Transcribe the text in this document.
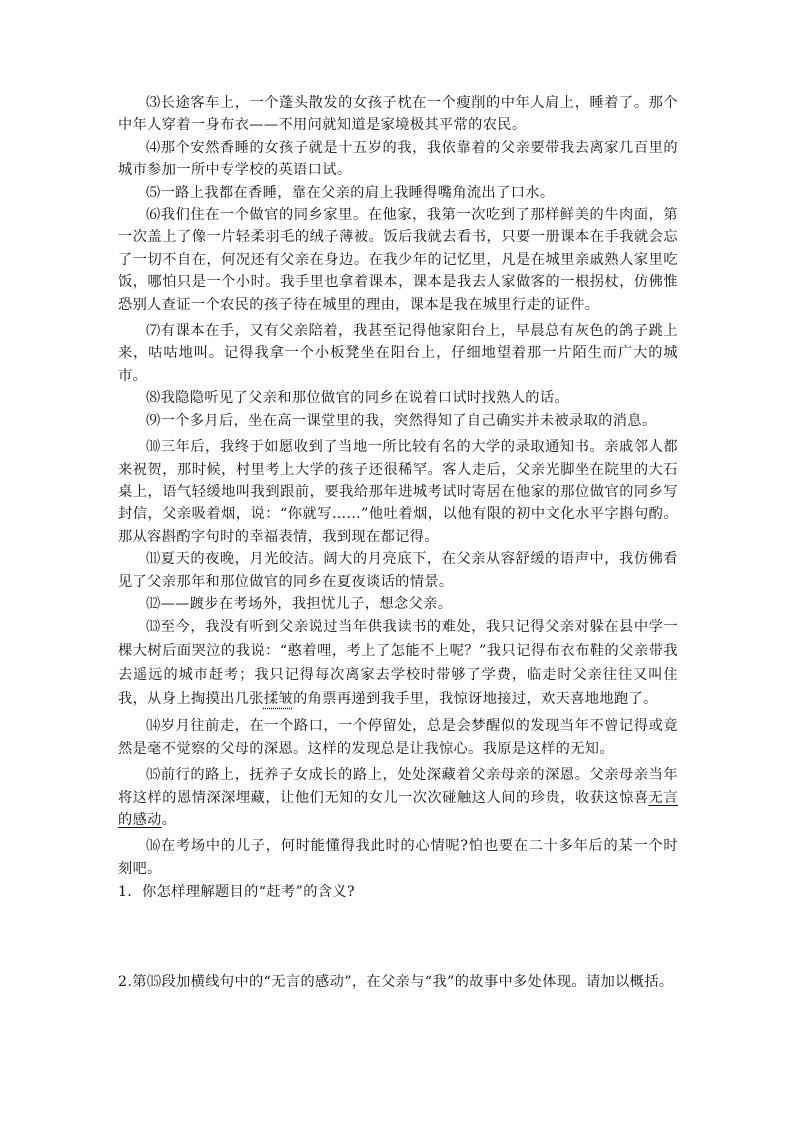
⑶长途客车上，一个蓬头散发的女孩子枕在一个瘦削的中年人肩上，睡着了。那个中年人穿着一身布衣——不用问就知道是家境极其平常的农民。

⑷那个安然香睡的女孩子就是十五岁的我，我依靠着的父亲要带我去离家几百里的城市参加一所中专学校的英语口试。

⑸一路上我都在香睡，靠在父亲的肩上我睡得嘴角流出了口水。

⑹我们住在一个做官的同乡家里。在他家，我第一次吃到了那样鲜美的牛肉面，第一次盖上了像一片轻柔羽毛的绒子薄被。饭后我就去看书，只要一册课本在手我就会忘了一切不自在，何况还有父亲在身边。在我少年的记忆里，凡是在城里亲戚熟人家里吃饭，哪怕只是一个小时。我手里也拿着课本，课本是我去人家做客的一根拐杖，仿佛惟恐别人查证一个农民的孩子待在城里的理由，课本是我在城里行走的证件。

⑺有课本在手，又有父亲陪着，我甚至记得他家阳台上，早晨总有灰色的鸽子跳上来，咕咕地叫。记得我拿一个小板凳坐在阳台上，仔细地望着那一片陌生而广大的城市。

⑻我隐隐听见了父亲和那位做官的同乡在说着口试时找熟人的话。

⑼一个多月后，坐在高一课堂里的我，突然得知了自己确实并未被录取的消息。

⑽三年后，我终于如愿收到了当地一所比较有名的大学的录取通知书。亲戚邻人都来祝贺，那时候，村里考上大学的孩子还很稀罕。客人走后，父亲光脚坐在院里的大石桌上，语气轻缓地叫我到跟前，要我给那年进城考试时寄居在他家的那位做官的同乡写封信，父亲吸着烟，说：“你就写……”他吐着烟，以他有限的初中文化水平字斟句酌。那从容斟酌字句时的幸福表情，我到现在都记得。

⑾夏天的夜晚，月光皎洁。阔大的月亮底下，在父亲从容舒缓的语声中，我仿佛看见了父亲那年和那位做官的同乡在夏夜谈话的情景。

⑿——踱步在考场外，我担忧儿子，想念父亲。

⒀至今，我没有听到父亲说过当年供我读书的难处，我只记得父亲对躲在县中学一棵大树后面哭泣的我说：“憨着哩，考上了怎能不上呢？”我只记得布衣布鞋的父亲带我去遥远的城市赶考；我只记得每次离家去学校时带够了学费，临走时父亲往往又叫住我，从身上掏摸出几张揉皱的角票再递到我手里，我惊讶地接过，欢天喜地地跑了。

⒁岁月往前走，在一个路口，一个停留处，总是会梦醒似的发现当年不曾记得或竟然是毫不觉察的父母的深恩。这样的发现总是让我惊心。我原是这样的无知。

⒂前行的路上，抚养子女成长的路上，处处深藏着父亲母亲的深恩。父亲母亲当年将这样的恩情深深埋藏，让他们无知的女儿一次次碰触这人间的珍贵，收获这惊喜无言的感动。

⒃在考场中的儿子，何时能懂得我此时的心情呢?怕也要在二十多年后的某一个时刻吧。

1．你怎样理解题目的“赶考”的含义?

2.第⒂段加横线句中的“无言的感动”，在父亲与“我”的故事中多处体现。请加以概括。
